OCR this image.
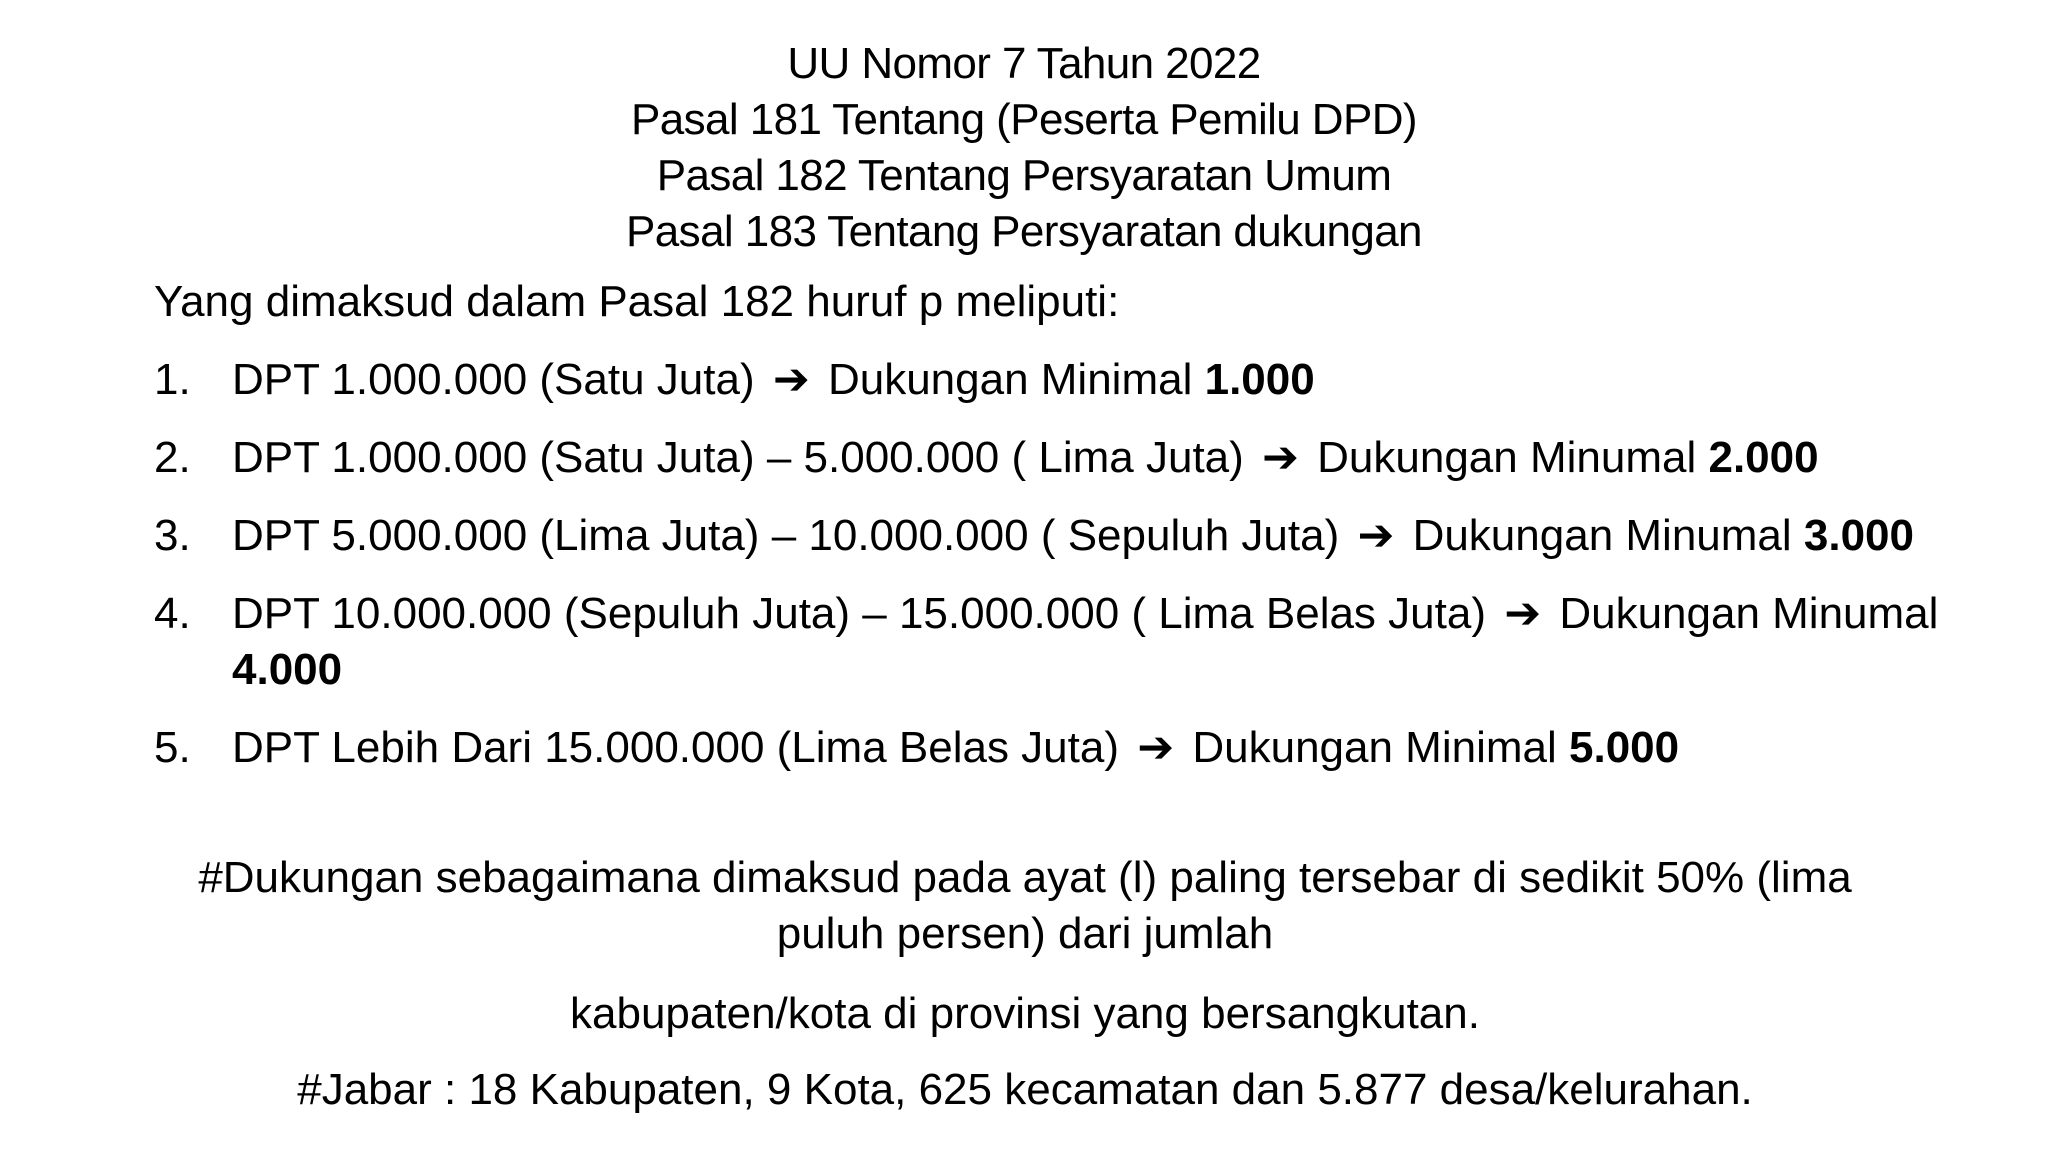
UU Nomor 7 Tahun 2022
Pasal 181 Tentang (Peserta Pemilu DPD)
Pasal 182 Tentang Persyaratan Umum
Pasal 183 Tentang Persyaratan dukungan
Yang dimaksud dalam Pasal 182 huruf p meliputi:
1. DPT 1.000.000 (Satu Juta) ➔ Dukungan Minimal 1.000
2. DPT 1.000.000 (Satu Juta) – 5.000.000 ( Lima Juta) ➔ Dukungan Minumal 2.000
3. DPT 5.000.000 (Lima Juta) – 10.000.000 ( Sepuluh Juta) ➔ Dukungan Minumal 3.000
4. DPT 10.000.000 (Sepuluh Juta) – 15.000.000 ( Lima Belas Juta) ➔ Dukungan Minumal 4.000
5. DPT Lebih Dari 15.000.000 (Lima Belas Juta) ➔ Dukungan Minimal 5.000
#Dukungan sebagaimana dimaksud pada ayat (l) paling tersebar di sedikit 50% (lima puluh persen) dari jumlah
kabupaten/kota di provinsi yang bersangkutan.
#Jabar : 18 Kabupaten, 9 Kota, 625 kecamatan dan 5.877 desa/kelurahan.
